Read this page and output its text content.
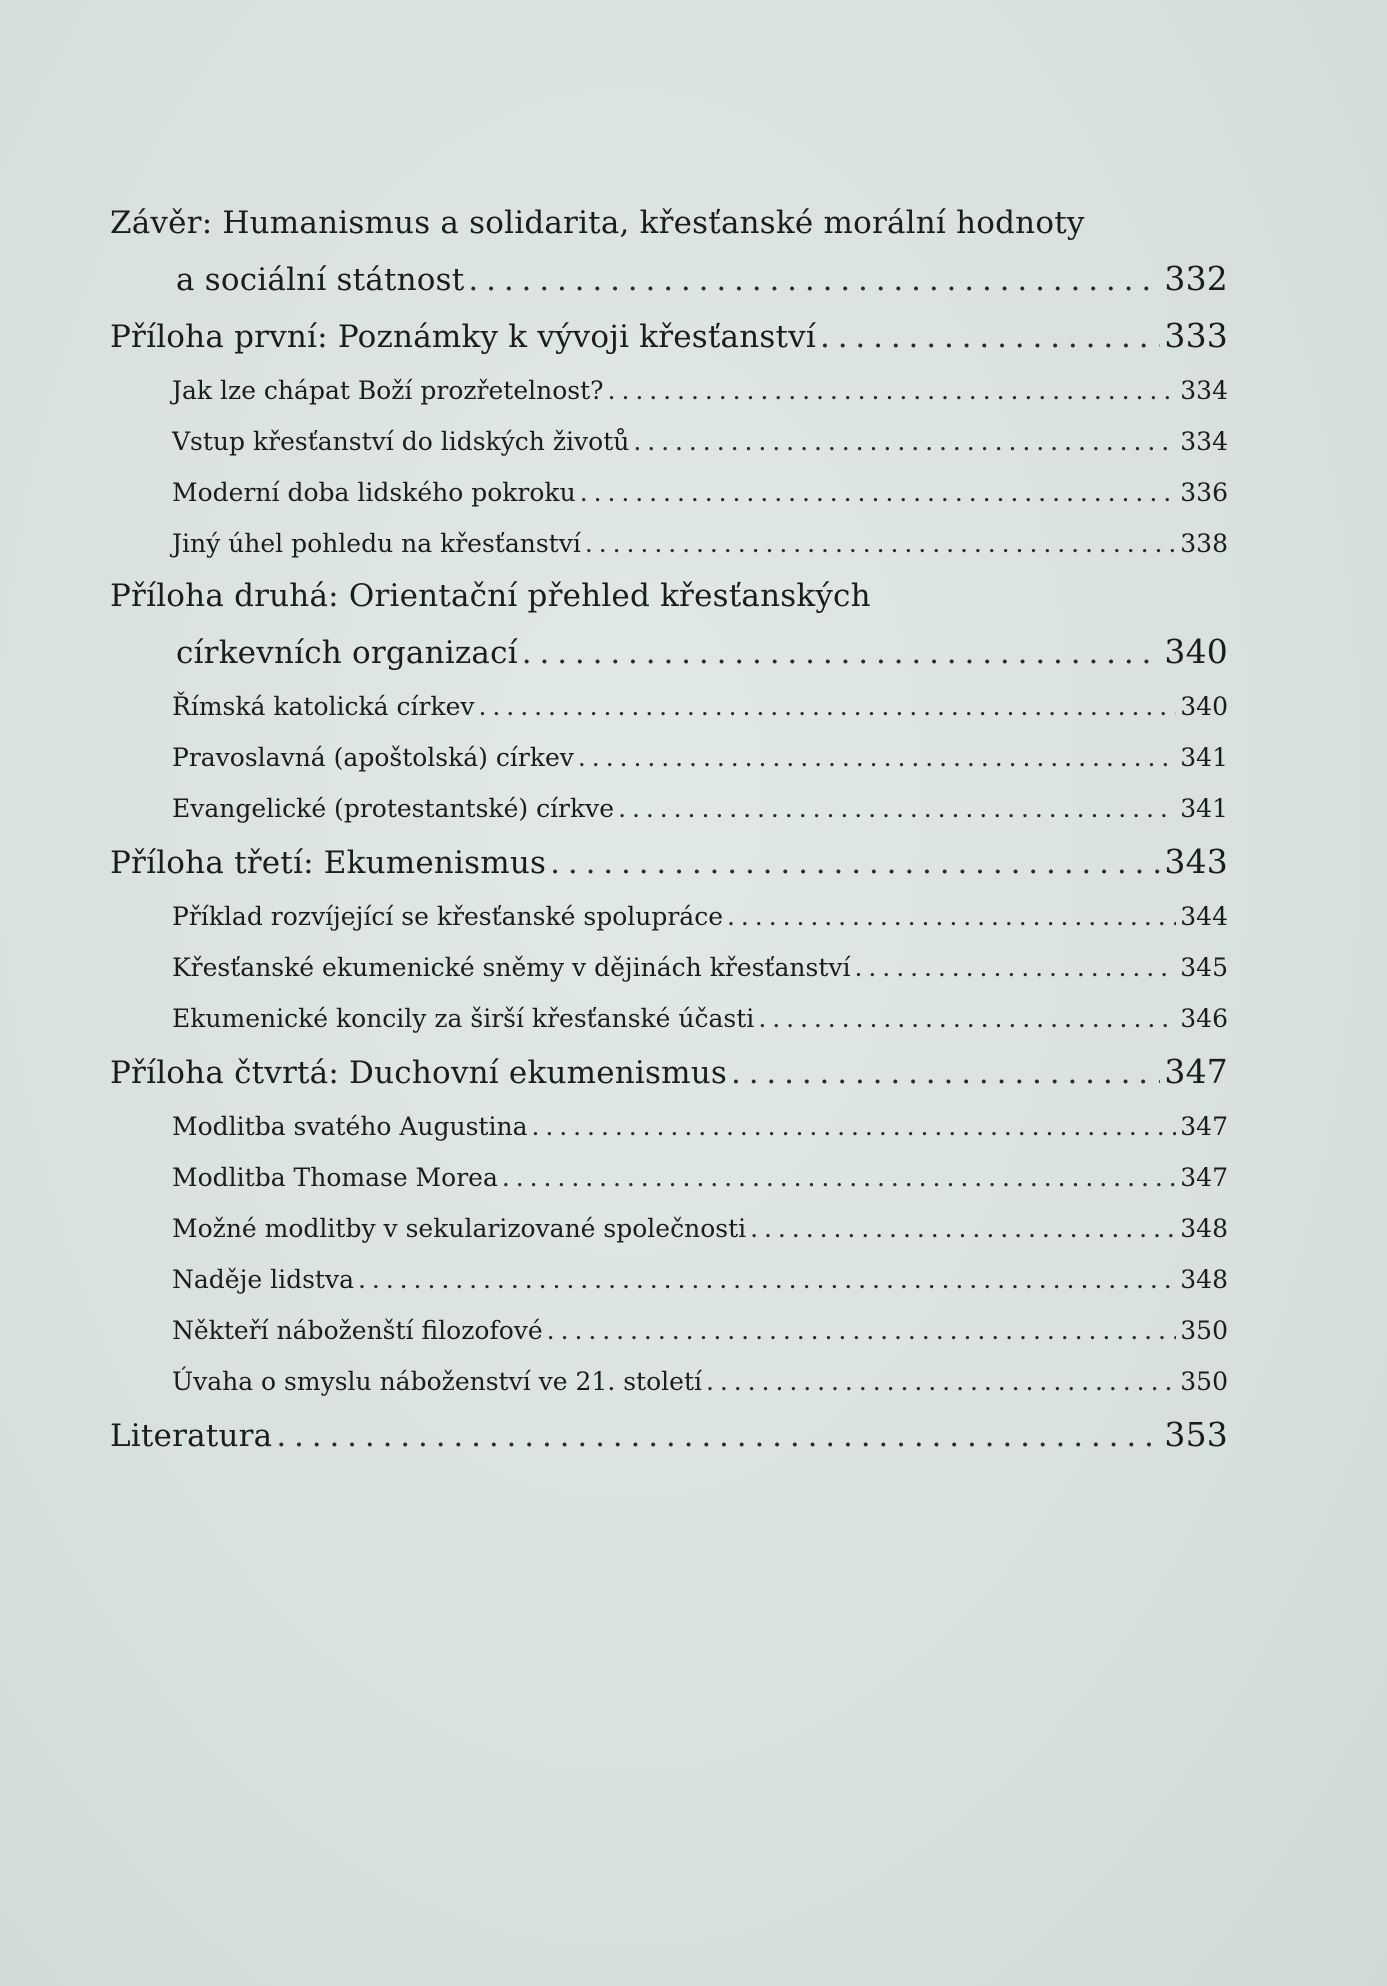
Závěr: Humanismus a solidarita, křesťanské morální hodnoty
a sociální státnost . . .	332
Příloha první: Poznámky k vývoji křesťanství . . .	333
Jak lze chápat Boží prozřetelnost? . . .	334
Vstup křesťanství do lidských životů . . .	334
Moderní doba lidského pokroku . . .	336
Jiný úhel pohledu na křesťanství . . .	338
Příloha druhá: Orientační přehled křesťanských
církevních organizací . . .	340
Římská katolická církev . . .	340
Pravoslavná (apoštolská) církev . . .	341
Evangelické (protestantské) církve . . .	341
Příloha třetí: Ekumenismus . . .	343
Příklad rozvíjející se křesťanské spolupráce . . .	344
Křesťanské ekumenické sněmy v dějinách křesťanství . . .	345
Ekumenické koncily za širší křesťanské účasti . . .	346
Příloha čtvrtá: Duchovní ekumenismus . . .	347
Modlitba svatého Augustina . . .	347
Modlitba Thomase Morea . . .	347
Možné modlitby v sekularizované společnosti . . .	348
Naděje lidstva . . .	348
Někteří náboženští filozofové . . .	350
Úvaha o smyslu náboženství ve 21. století . . .	350
Literatura . . .	353
